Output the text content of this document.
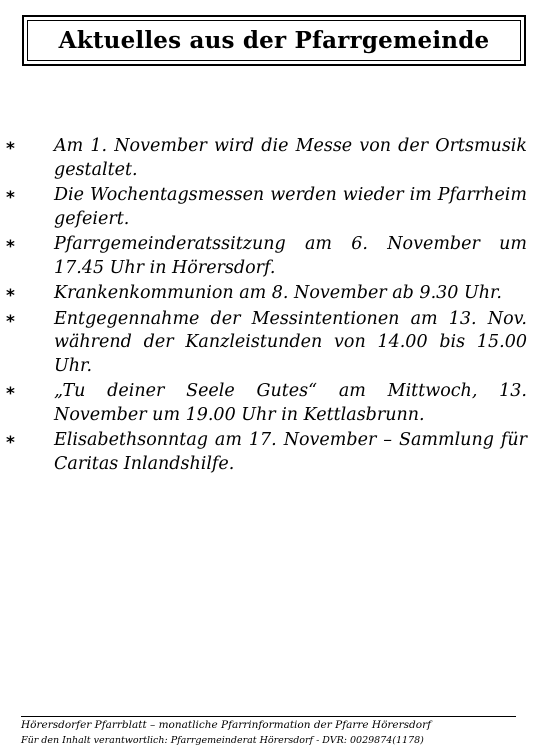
Aktuelles aus der Pfarrgemeinde
* Am 1. November wird die Messe von der Ortsmusik gestaltet.
* Die Wochentagsmessen werden wieder im Pfarrheim gefeiert.
* Pfarrgemeinderatssitzung am 6. November um 17.45 Uhr in Hörersdorf.
* Krankenkommunion am 8. November ab 9.30 Uhr.
* Entgegennahme der Messintentionen am 13. Nov. während der Kanzleistunden von 14.00 bis 15.00 Uhr.
* „Tu deiner Seele Gutes“ am Mittwoch, 13. November um 19.00 Uhr in Kettlasbrunn.
* Elisabethsonntag am 17. November – Sammlung für Caritas Inlandshilfe.
Hörersdorfer Pfarrblatt – monatliche Pfarrinformation der Pfarre Hörersdorf
Für den Inhalt verantwortlich: Pfarrgemeinderat Hörersdorf - DVR: 0029874(1178)
